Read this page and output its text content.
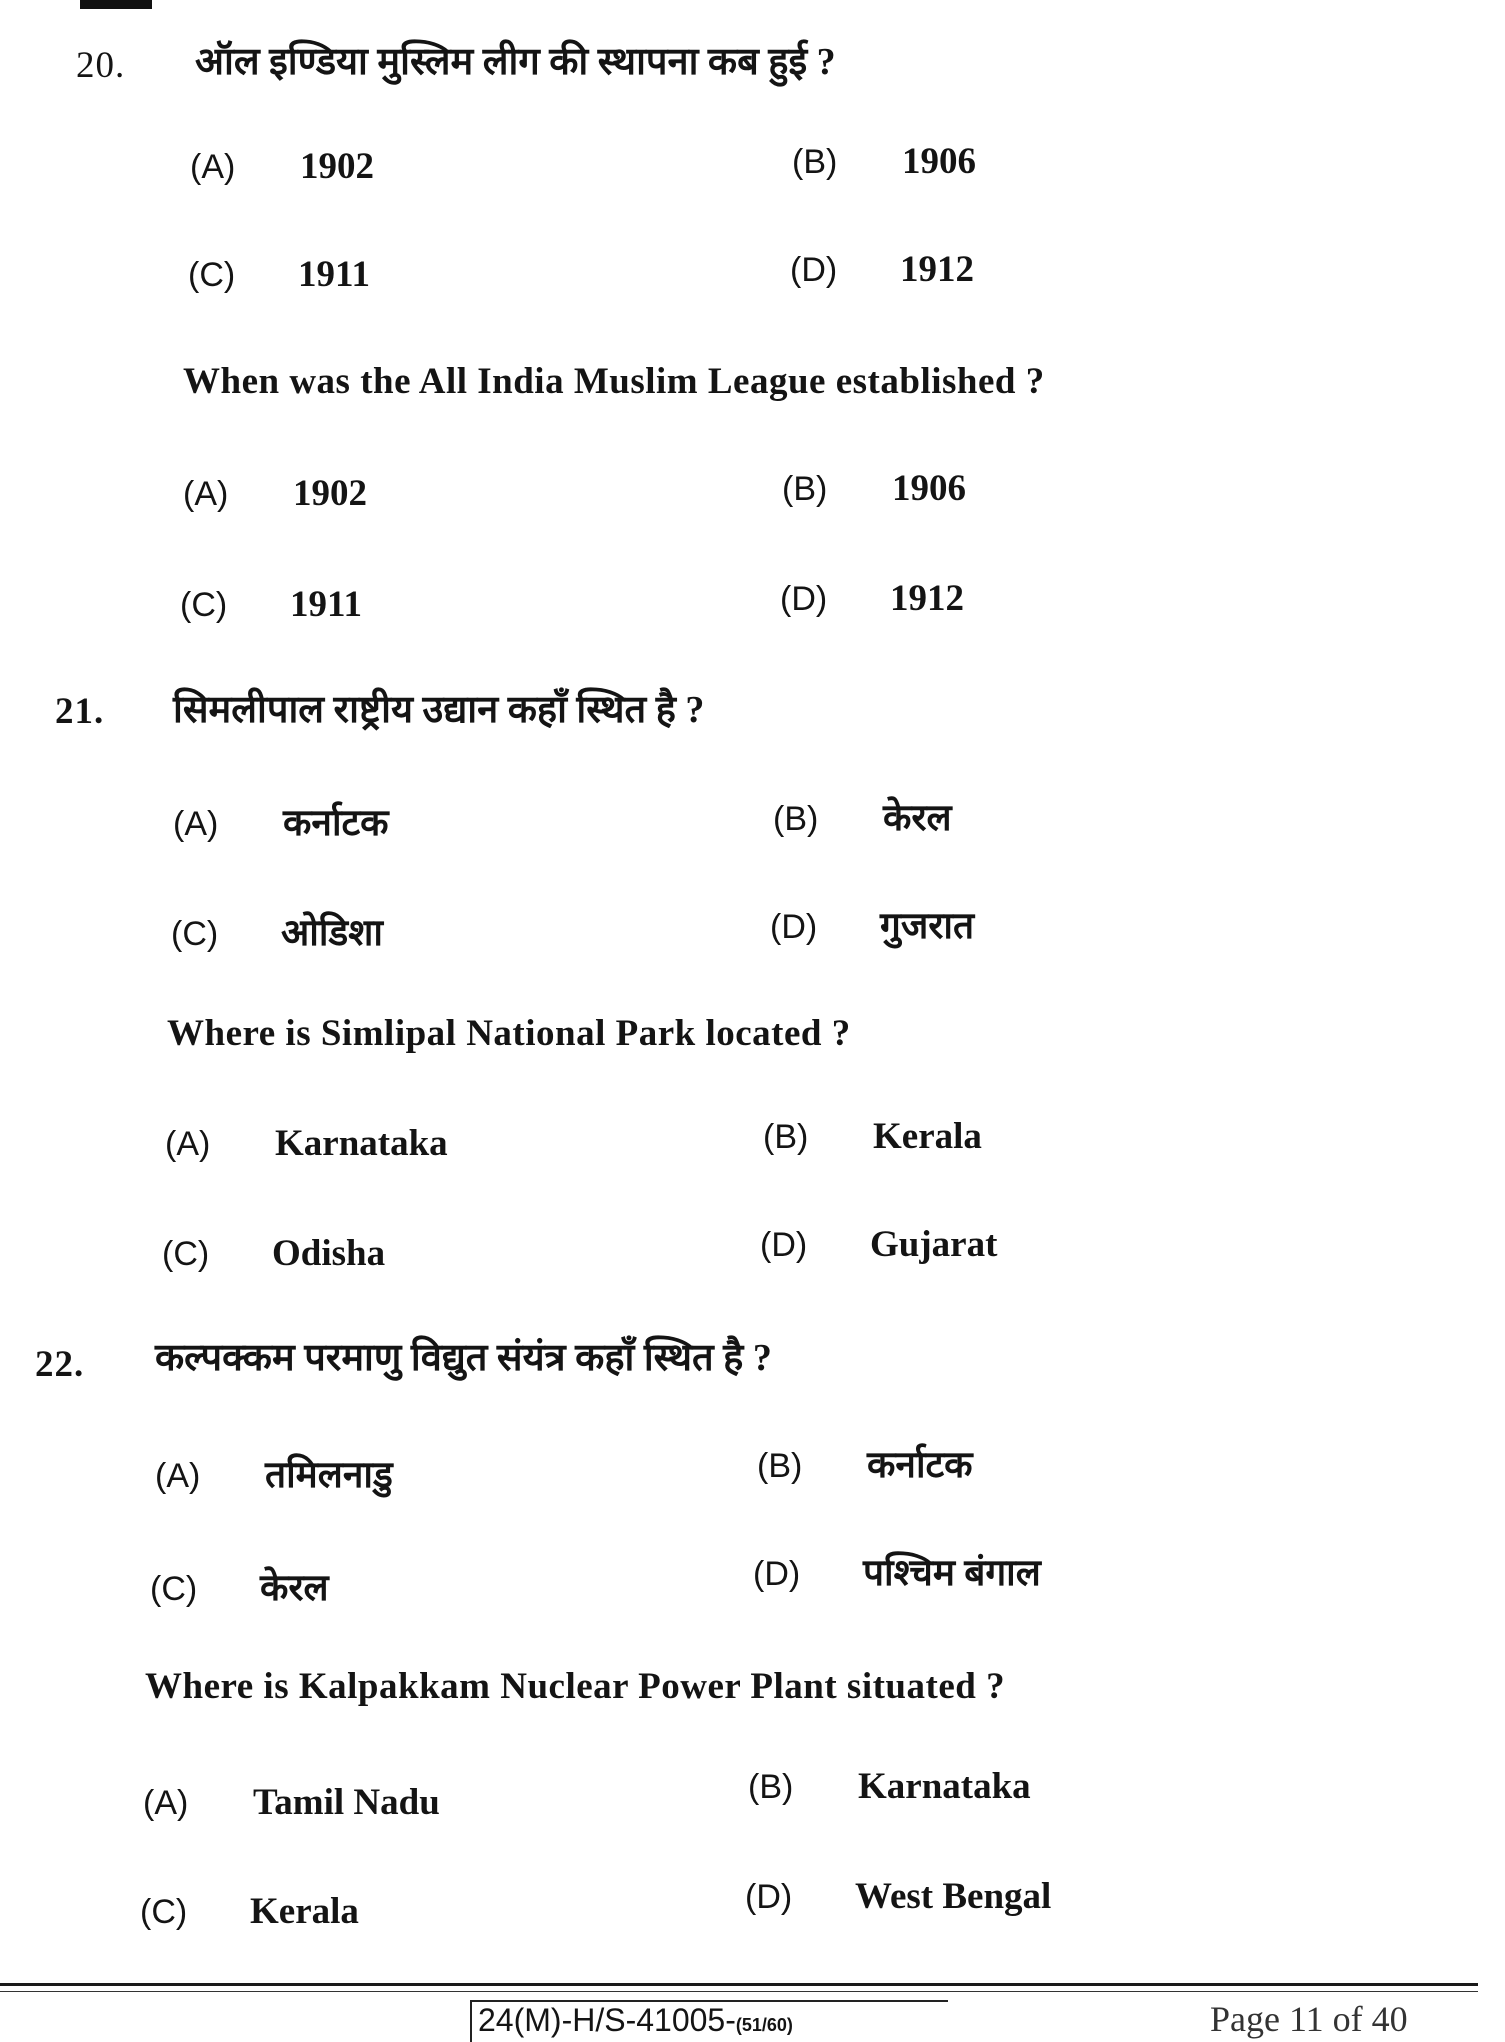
20. ऑल इण्डिया मुस्लिम लीग की स्थापना कब हुई ?
(A) 1902	(B) 1906
(C) 1911	(D) 1912
When was the All India Muslim League established ?
(A) 1902	(B) 1906
(C) 1911	(D) 1912
21. सिमलीपाल राष्ट्रीय उद्यान कहाँ स्थित है ?
(A) कर्नाटक	(B) केरल
(C) ओडिशा	(D) गुजरात
Where is Simlipal National Park located ?
(A) Karnataka	(B) Kerala
(C) Odisha	(D) Gujarat
22. कल्पक्कम परमाणु विद्युत संयंत्र कहाँ स्थित है ?
(A) तमिलनाडु	(B) कर्नाटक
(C) केरल	(D) पश्चिम बंगाल
Where is Kalpakkam Nuclear Power Plant situated ?
(A) Tamil Nadu	(B) Karnataka
(C) Kerala	(D) West Bengal
24(M)-H/S-41005-(51/60)	Page 11 of 40
